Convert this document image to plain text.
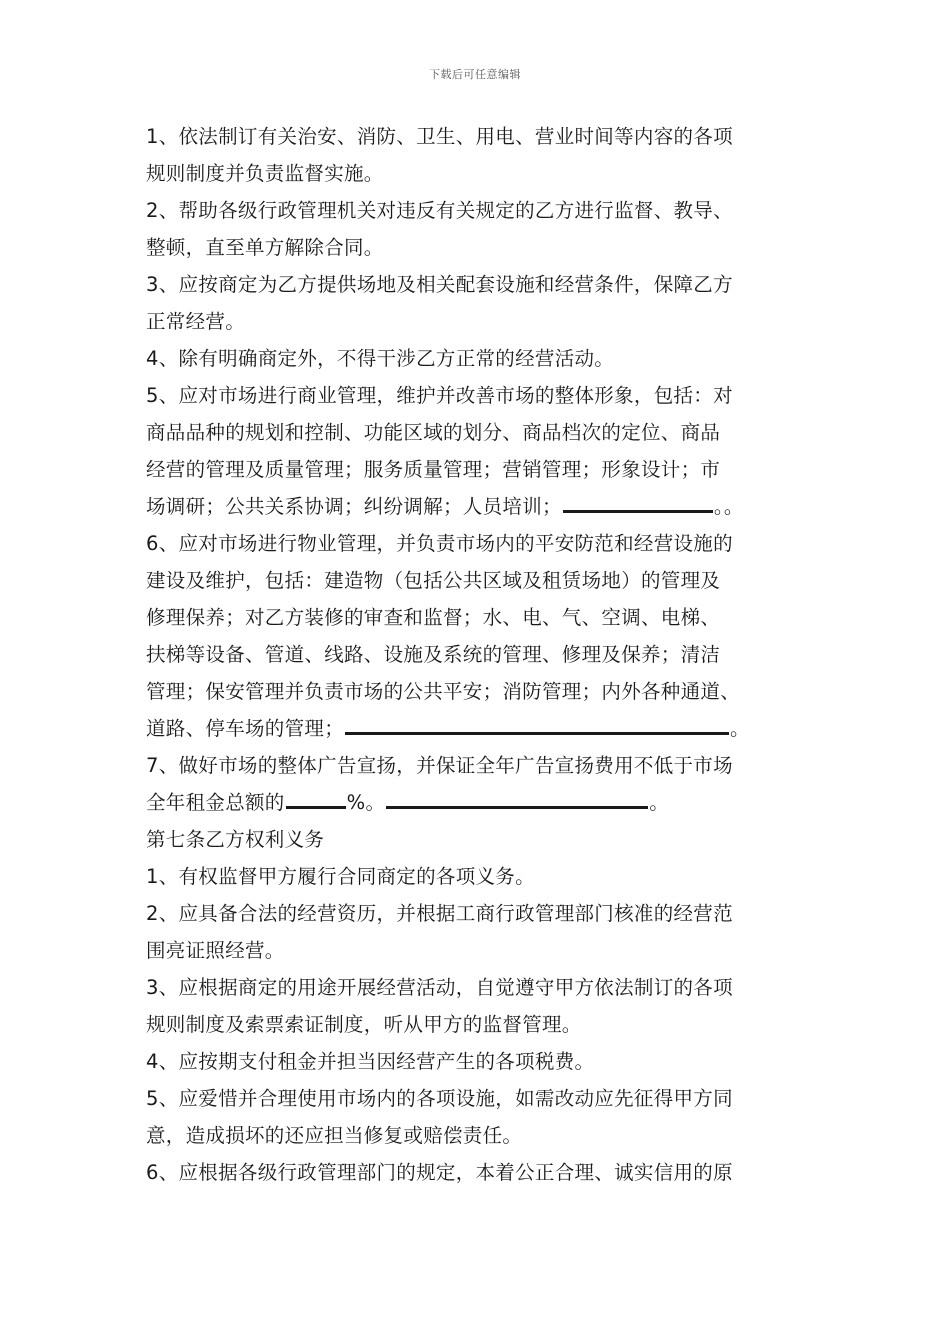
下载后可任意编辑
1、依法制订有关治安、消防、卫生、用电、营业时间等内容的各项
规则制度并负责监督实施。
2、帮助各级行政管理机关对违反有关规定的乙方进行监督、教导、
整顿，直至单方解除合同。
3、应按商定为乙方提供场地及相关配套设施和经营条件，保障乙方
正常经营。
4、除有明确商定外，不得干涉乙方正常的经营活动。
5、应对市场进行商业管理，维护并改善市场的整体形象，包括：对
商品品种的规划和控制、功能区域的划分、商品档次的定位、商品
经营的管理及质量管理；服务质量管理；营销管理；形象设计；市
场调研；公共关系协调；纠纷调解；人员培训；	。。
6、应对市场进行物业管理，并负责市场内的平安防范和经营设施的
建设及维护，包括：建造物（包括公共区域及租赁场地）的管理及
修理保养；对乙方装修的审查和监督；水、电、气、空调、电梯、
扶梯等设备、管道、线路、设施及系统的管理、修理及保养；清洁
管理；保安管理并负责市场的公共平安；消防管理；内外各种通道、
道路、停车场的管理；	。
7、做好市场的整体广告宣扬，并保证全年广告宣扬费用不低于市场
全年租金总额的	%。	。
第七条乙方权利义务
1、有权监督甲方履行合同商定的各项义务。
2、应具备合法的经营资历，并根据工商行政管理部门核准的经营范
围亮证照经营。
3、应根据商定的用途开展经营活动，自觉遵守甲方依法制订的各项
规则制度及索票索证制度，听从甲方的监督管理。
4、应按期支付租金并担当因经营产生的各项税费。
5、应爱惜并合理使用市场内的各项设施，如需改动应先征得甲方同
意，造成损坏的还应担当修复或赔偿责任。
6、应根据各级行政管理部门的规定，本着公正合理、诚实信用的原
